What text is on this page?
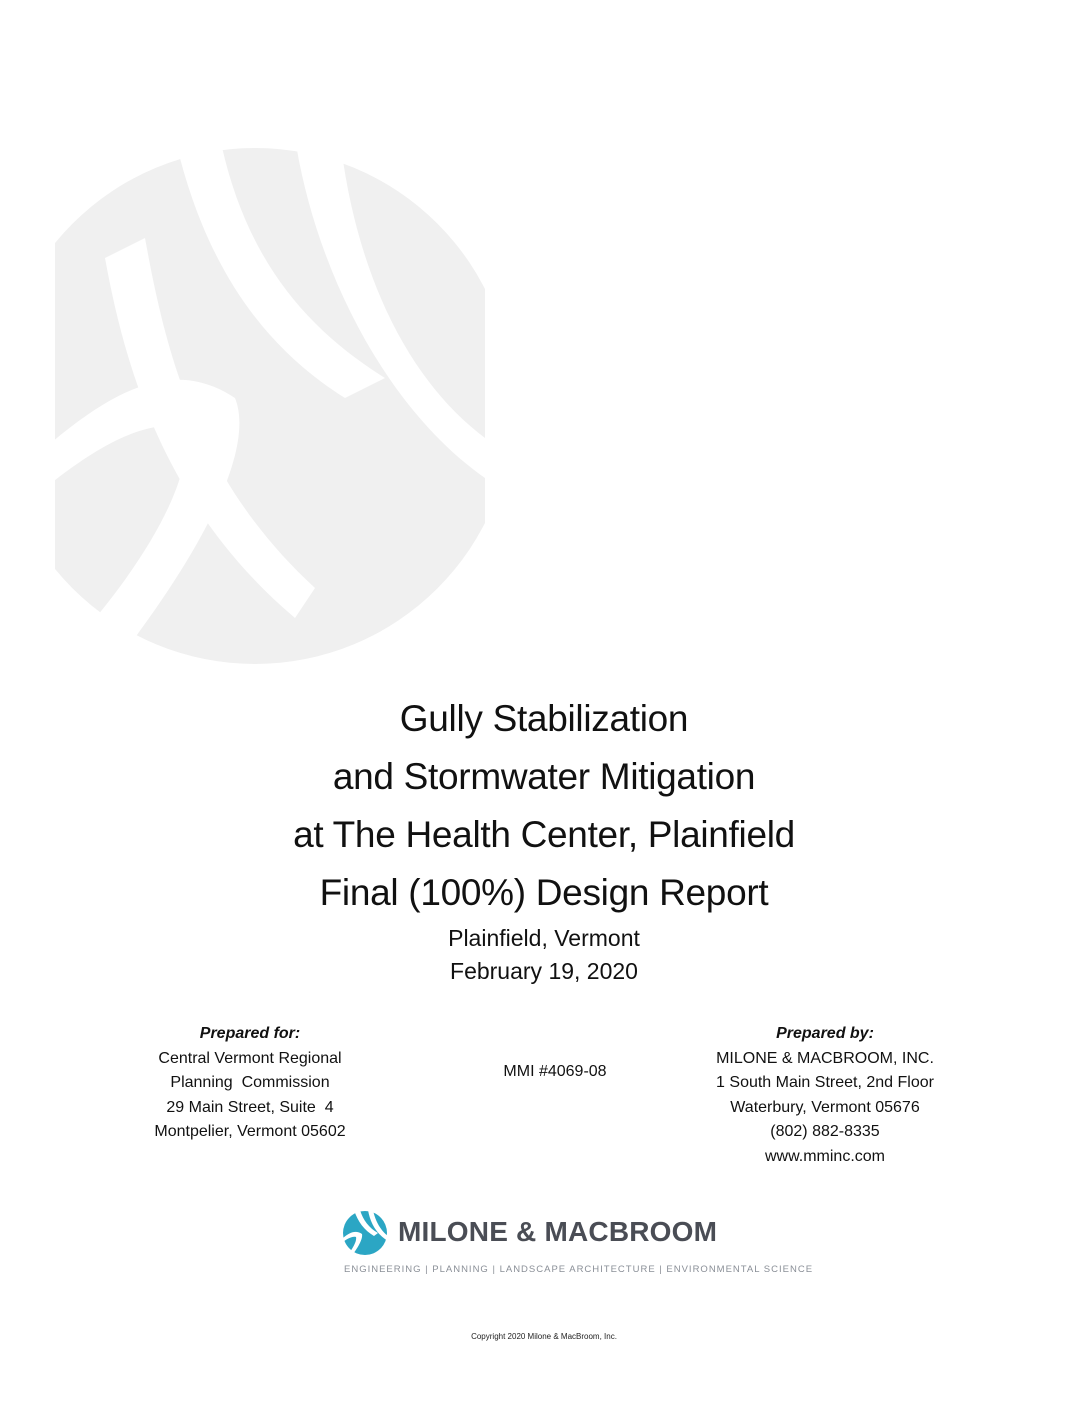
Gully Stabilization
and Stormwater Mitigation
at The Health Center, Plainfield
Final (100%) Design Report
Plainfield, Vermont
February 19, 2020
Prepared for:
Central Vermont Regional
Planning  Commission
29 Main Street, Suite  4
Montpelier, Vermont 05602
MMI #4069-08
Prepared by:
MILONE & MACBROOM, INC.
1 South Main Street, 2nd Floor
Waterbury, Vermont 05676
(802) 882-8335
www.mminc.com
MILONE & MACBROOM
ENGINEERING | PLANNING | LANDSCAPE ARCHITECTURE | ENVIRONMENTAL SCIENCE
Copyright 2020 Milone & MacBroom, Inc.
